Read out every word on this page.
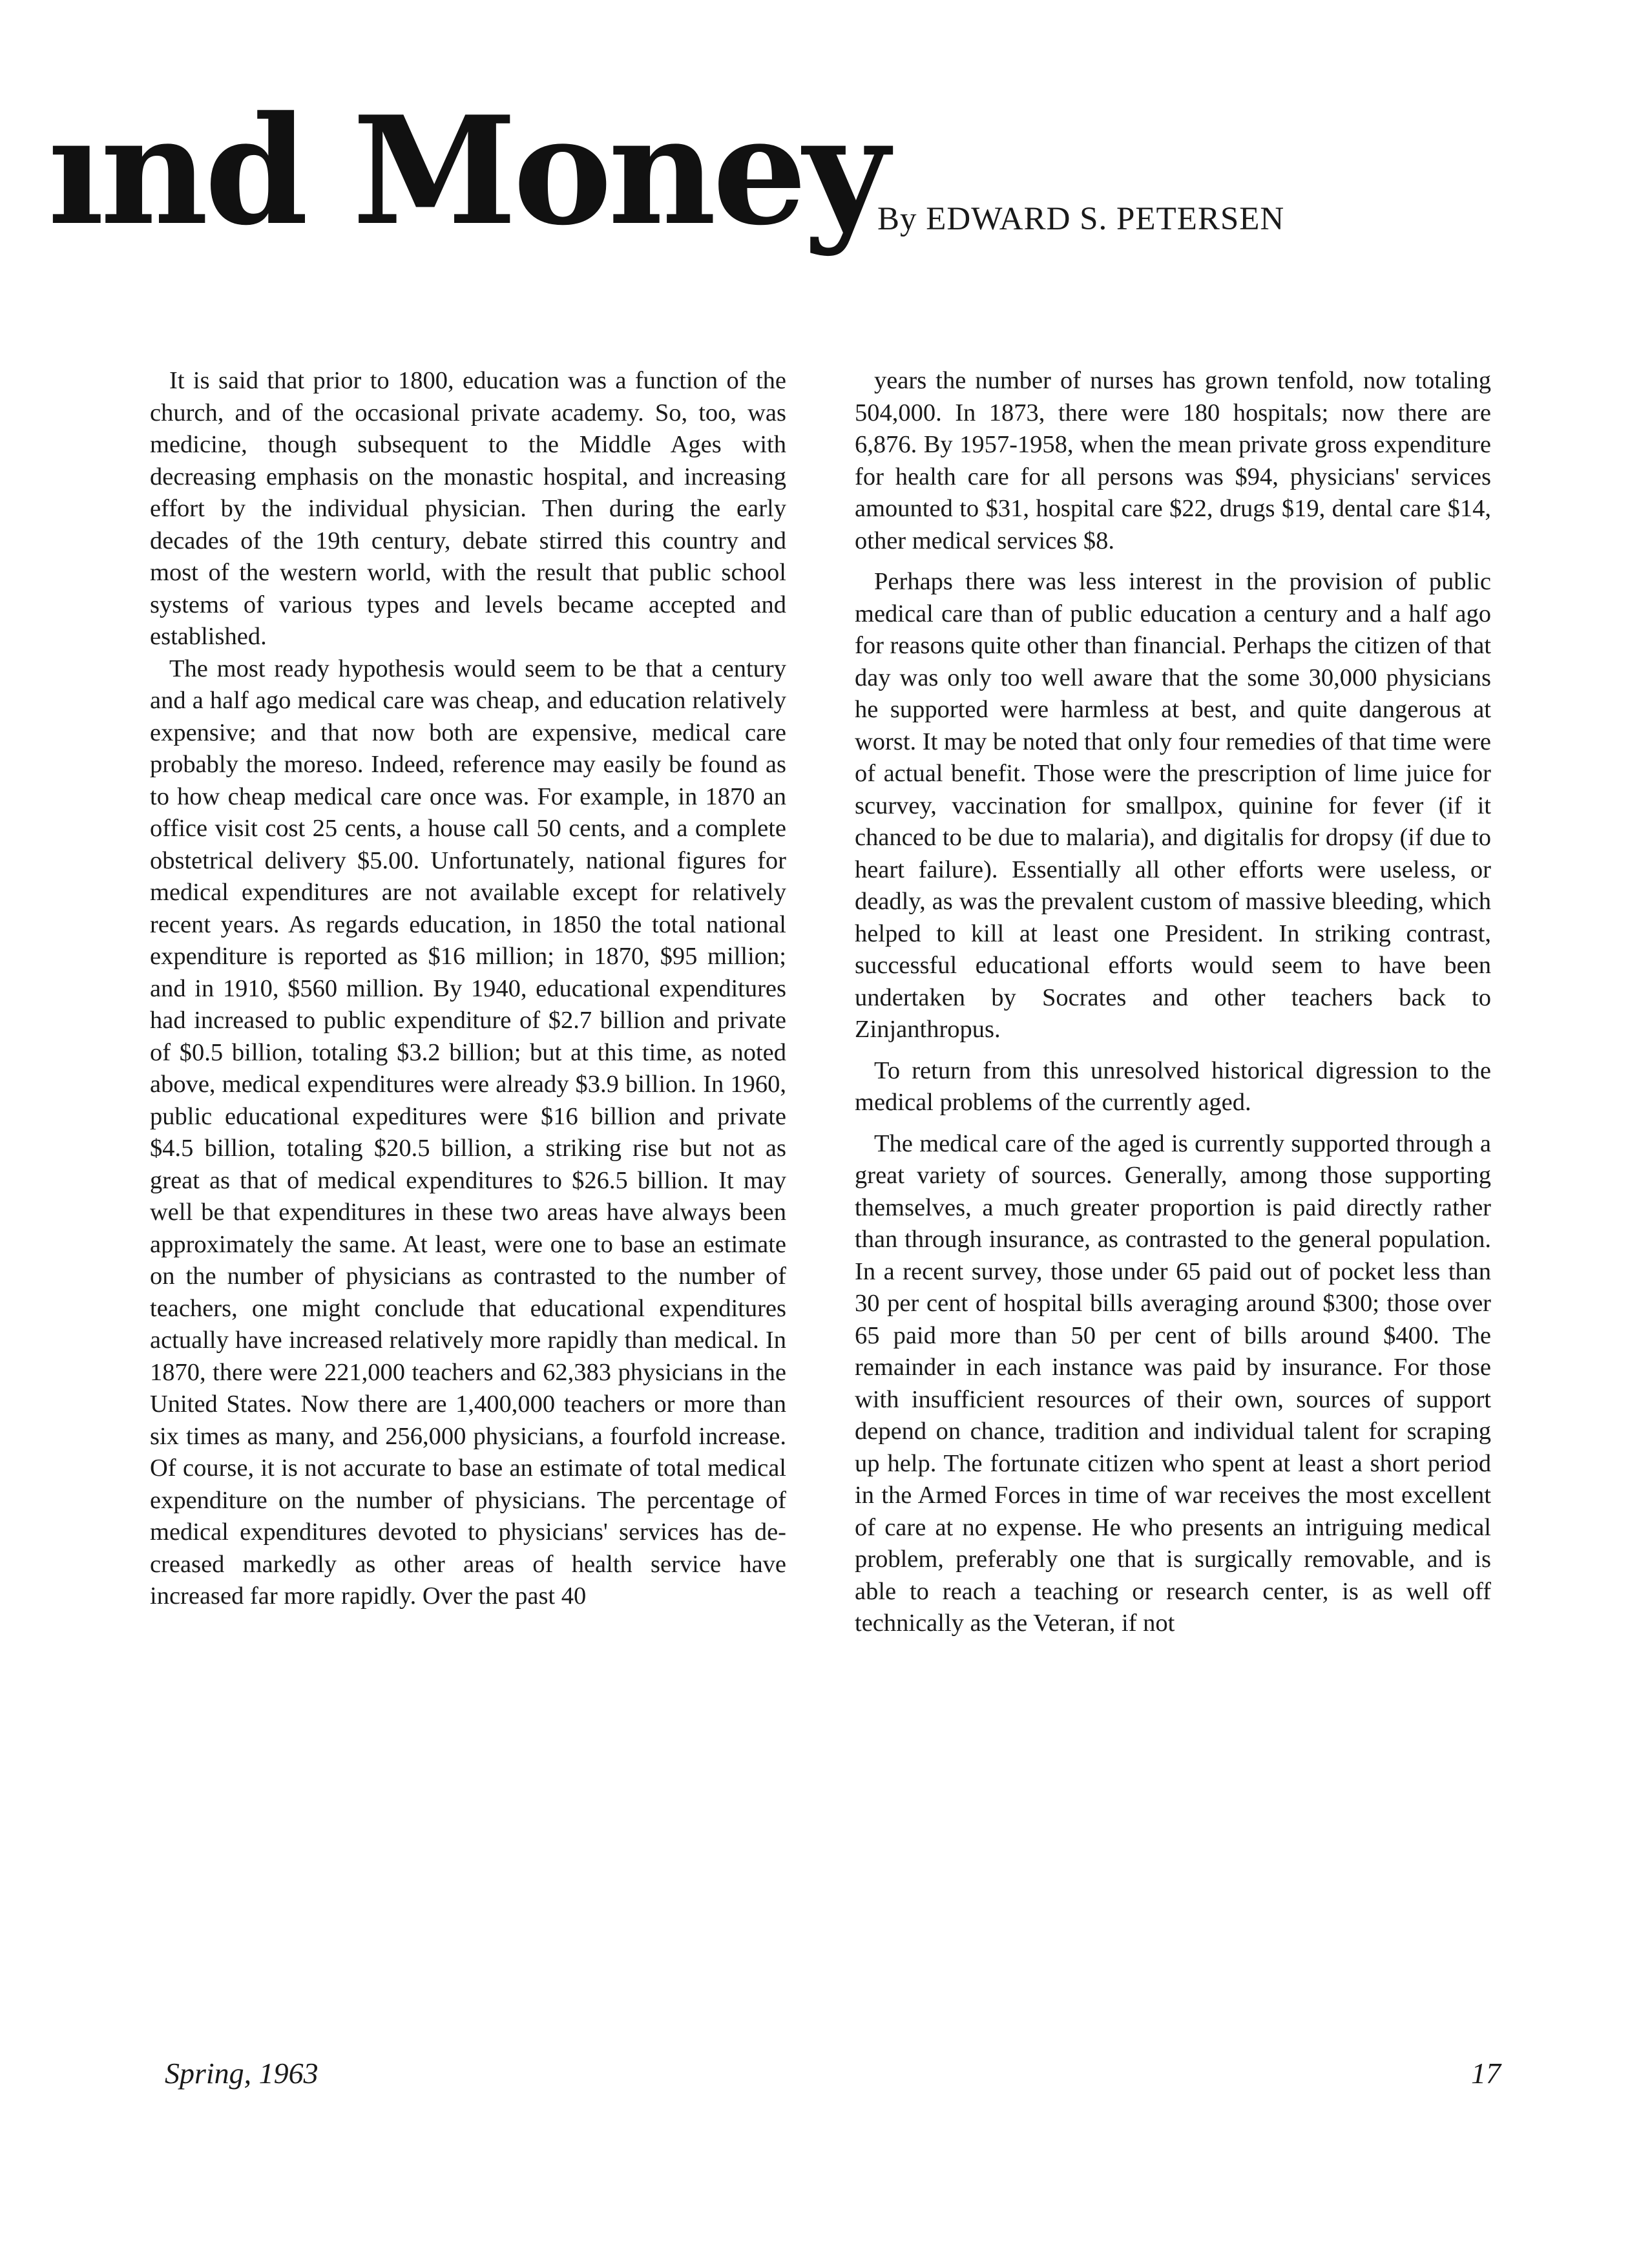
ınd Money
By EDWARD S. PETERSEN

It is said that prior to 1800, education was a function of the church, and of the occasional private academy. So, too, was medicine, though subsequent to the Middle Ages with decreasing emphasis on the monastic hospital, and increasing effort by the individual physician. Then during the early decades of the 19th century, debate stirred this country and most of the western world, with the result that public school systems of various types and levels became accepted and established.

The most ready hypothesis would seem to be that a century and a half ago medical care was cheap, and education relatively expensive; and that now both are expensive, medical care probably the moreso. Indeed, reference may easily be found as to how cheap medical care once was. For example, in 1870 an office visit cost 25 cents, a house call 50 cents, and a complete obstetrical delivery $5.00. Unfortunately, national figures for medical expenditures are not available except for relatively recent years. As regards education, in 1850 the total national expenditure is reported as $16 million; in 1870, $95 million; and in 1910, $560 million. By 1940, educational expenditures had increased to public expenditure of $2.7 billion and private of $0.5 billion, totaling $3.2 billion; but at this time, as noted above, medical expenditures were already $3.9 billion. In 1960, public educational expeditures were $16 billion and private $4.5 billion, totaling $20.5 billion, a striking rise but not as great as that of medical expenditures to $26.5 billion. It may well be that expenditures in these two areas have always been approximately the same. At least, were one to base an estimate on the number of physicians as contrasted to the number of teachers, one might conclude that educational expenditures actually have increased relatively more rapidly than medical. In 1870, there were 221,000 teachers and 62,383 physicians in the United States. Now there are 1,400,000 teachers or more than six times as many, and 256,000 physicians, a fourfold increase. Of course, it is not accurate to base an estimate of total medical expenditure on the number of physicians. The percentage of medical expenditures devoted to physicians' services has decreased markedly as other areas of health service have increased far more rapidly. Over the past 40

years the number of nurses has grown tenfold, now totaling 504,000. In 1873, there were 180 hospitals; now there are 6,876. By 1957-1958, when the mean private gross expenditure for health care for all persons was $94, physicians' services amounted to $31, hospital care $22, drugs $19, dental care $14, other medical services $8.

Perhaps there was less interest in the provision of public medical care than of public education a century and a half ago for reasons quite other than financial. Perhaps the citizen of that day was only too well aware that the some 30,000 physicians he supported were harmless at best, and quite dangerous at worst. It may be noted that only four remedies of that time were of actual benefit. Those were the prescription of lime juice for scurvey, vaccination for smallpox, quinine for fever (if it chanced to be due to malaria), and digitalis for dropsy (if due to heart failure). Essentially all other efforts were useless, or deadly, as was the prevalent custom of massive bleeding, which helped to kill at least one President. In striking contrast, successful educational efforts would seem to have been undertaken by Socrates and other teachers back to Zinjanthropus.

To return from this unresolved historical digression to the medical problems of the currently aged.

The medical care of the aged is currently supported through a great variety of sources. Generally, among those supporting themselves, a much greater proportion is paid directly rather than through insurance, as contrasted to the general population. In a recent survey, those under 65 paid out of pocket less than 30 per cent of hospital bills averaging around $300; those over 65 paid more than 50 per cent of bills around $400. The remainder in each instance was paid by insurance. For those with insufficient resources of their own, sources of support depend on chance, tradition and individual talent for scraping up help. The fortunate citizen who spent at least a short period in the Armed Forces in time of war receives the most excellent of care at no expense. He who presents an intriguing medical problem, preferably one that is surgically removable, and is able to reach a teaching or research center, is as well off technically as the Veteran, if not

Spring, 1963	17
